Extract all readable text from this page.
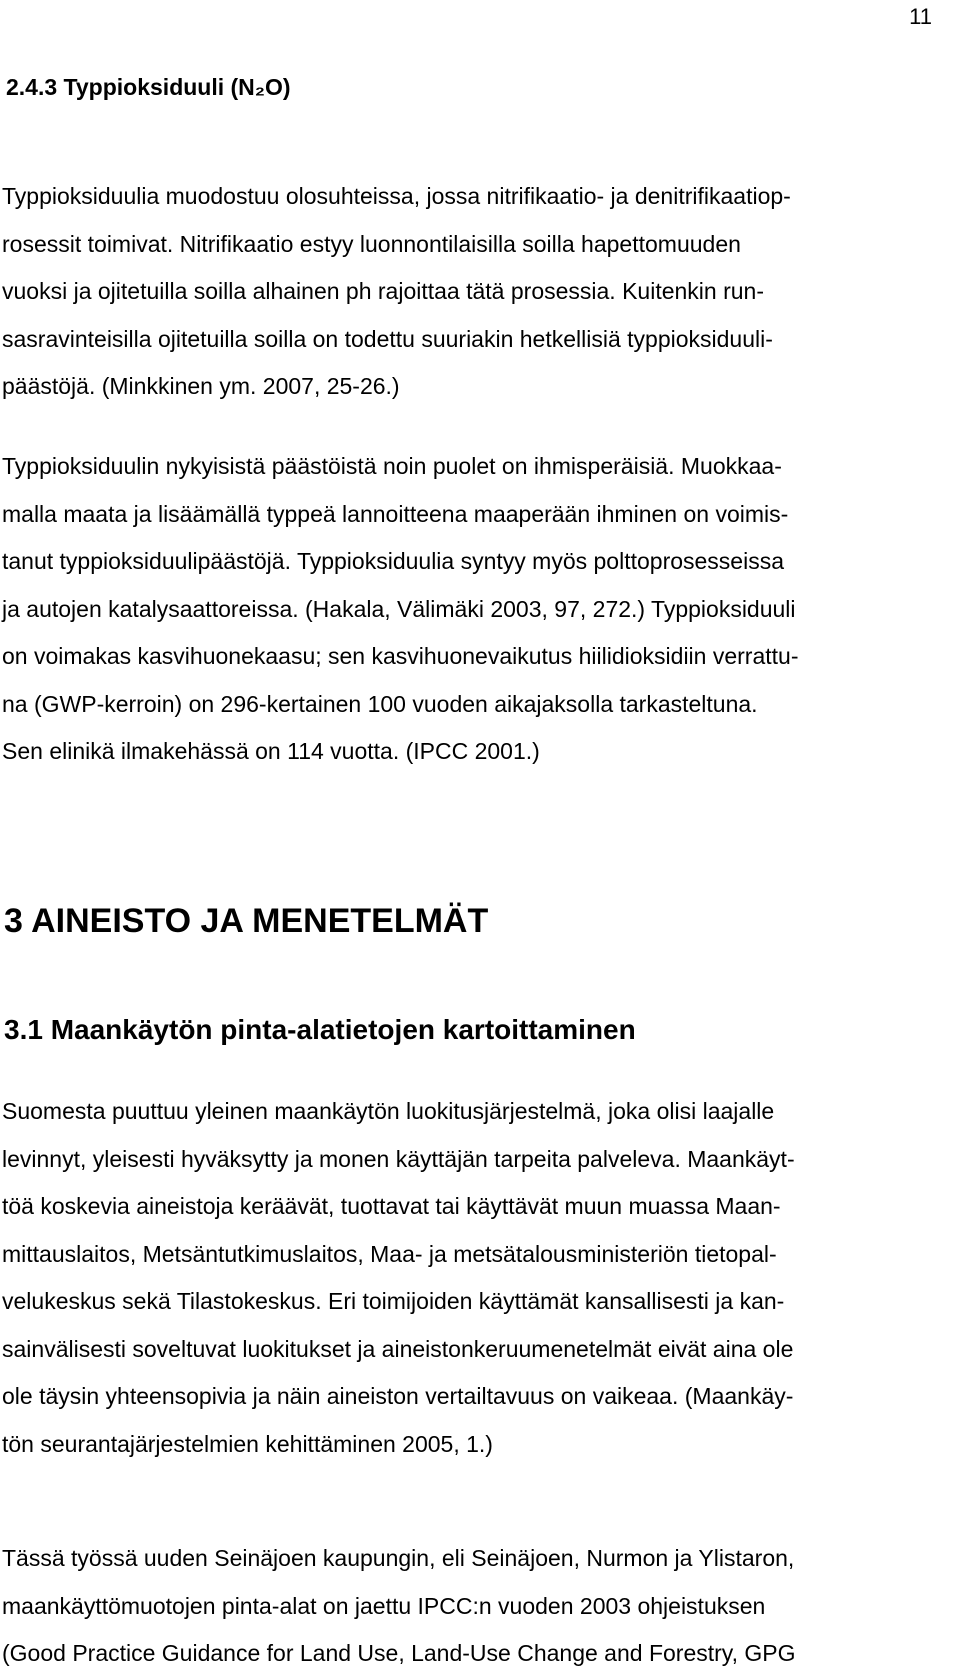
11
2.4.3 Typpioksiduuli (N₂O)

Typpioksiduulia muodostuu olosuhteissa, jossa nitrifikaatio- ja denitrifikaatiop-
rosessit toimivat. Nitrifikaatio estyy luonnontilaisilla soilla hapettomuuden
vuoksi ja ojitetuilla soilla alhainen ph rajoittaa tätä prosessia. Kuitenkin run-
sasravinteisilla ojitetuilla soilla on todettu suuriakin hetkellisiä typpioksiduuli-
päästöjä. (Minkkinen ym. 2007, 25-26.)

Typpioksiduulin nykyisistä päästöistä noin puolet on ihmisperäisiä. Muokkaa-
malla maata ja lisäämällä typpeä lannoitteena maaperään ihminen on voimis-
tanut typpioksiduulipäästöjä. Typpioksiduulia syntyy myös polttoprosesseissa
ja autojen katalysaattoreissa. (Hakala, Välimäki 2003, 97, 272.) Typpioksiduuli
on voimakas kasvihuonekaasu; sen kasvihuonevaikutus hiilidioksidiin verrattu-
na (GWP-kerroin) on 296-kertainen 100 vuoden aikajaksolla tarkasteltuna.
Sen elinikä ilmakehässä on 114 vuotta. (IPCC 2001.)

3 AINEISTO JA MENETELMÄT
3.1 Maankäytön pinta-alatietojen kartoittaminen

Suomesta puuttuu yleinen maankäytön luokitusjärjestelmä, joka olisi laajalle
levinnyt, yleisesti hyväksytty ja monen käyttäjän tarpeita palveleva. Maankäyt-
töä koskevia aineistoja keräävät, tuottavat tai käyttävät muun muassa Maan-
mittauslaitos, Metsäntutkimuslaitos, Maa- ja metsätalousministeriön tietopal-
velukeskus sekä Tilastokeskus. Eri toimijoiden käyttämät kansallisesti ja kan-
sainvälisesti soveltuvat luokitukset ja aineistonkeruumenetelmät eivät aina ole
ole täysin yhteensopivia ja näin aineiston vertailtavuus on vaikeaa. (Maankäy-
tön seurantajärjestelmien kehittäminen 2005, 1.)

Tässä työssä uuden Seinäjoen kaupungin, eli Seinäjoen, Nurmon ja Ylistaron,
maankäyttömuotojen pinta-alat on jaettu IPCC:n vuoden 2003 ohjeistuksen
(Good Practice Guidance for Land Use, Land-Use Change and Forestry, GPG
